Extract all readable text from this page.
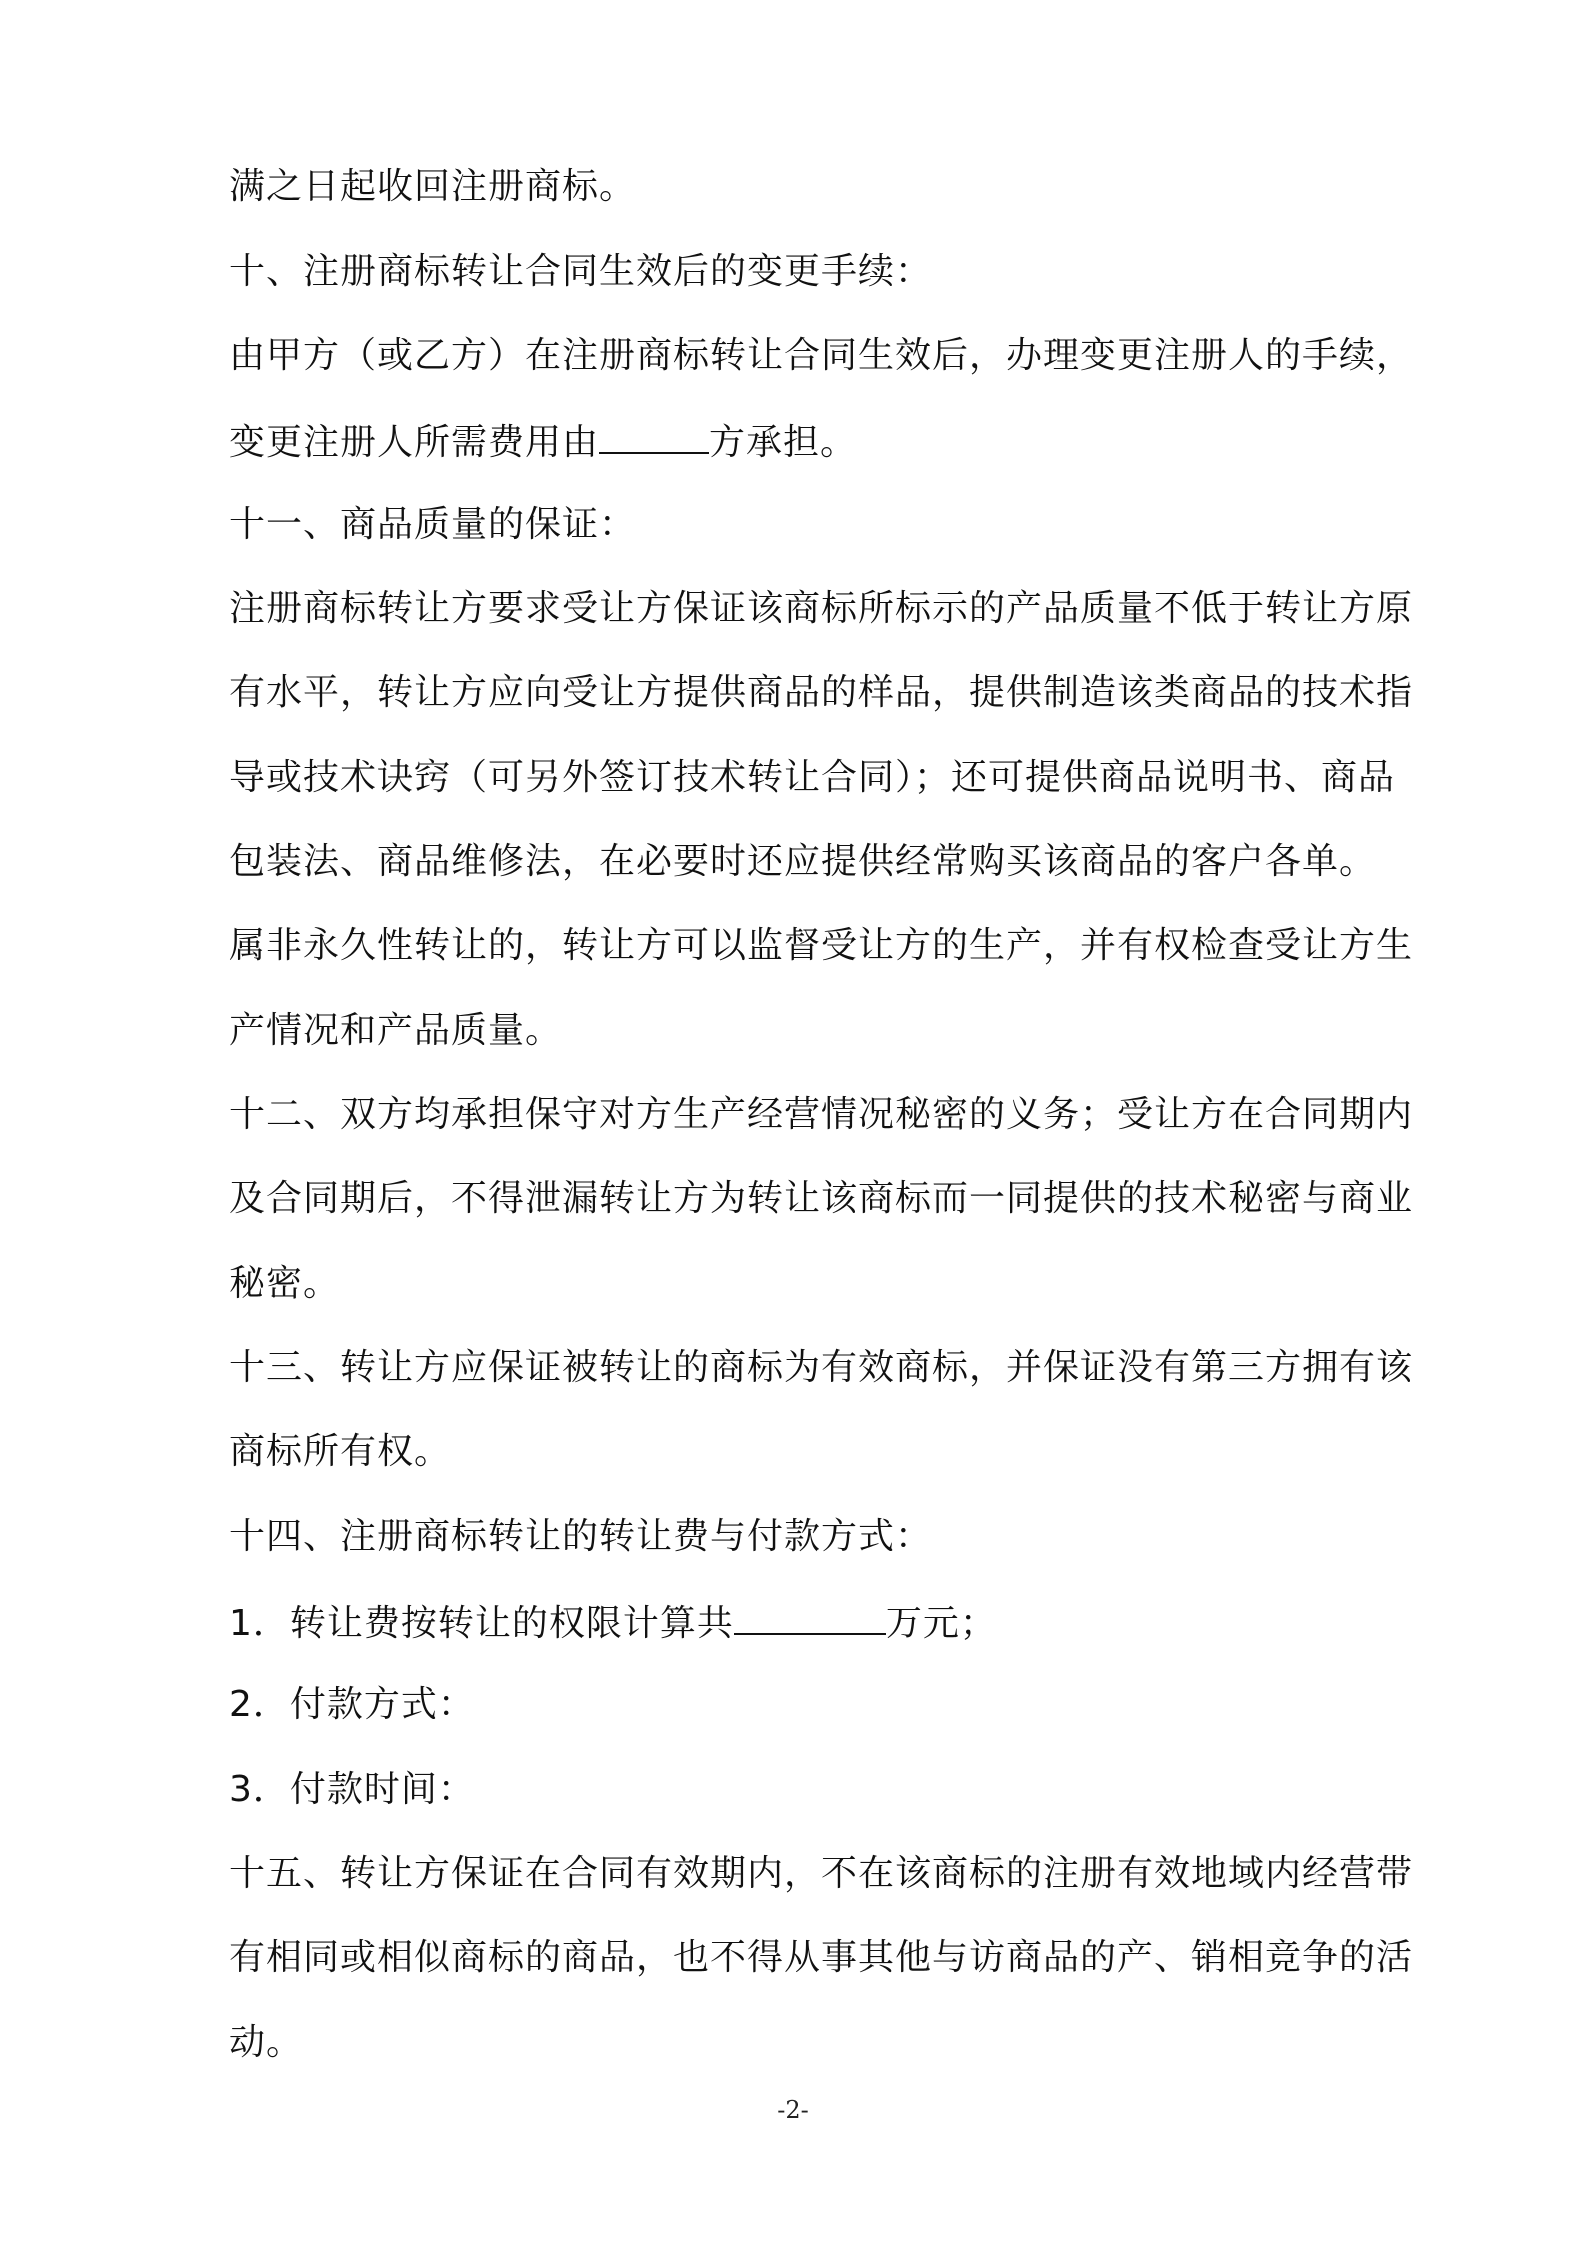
满之日起收回注册商标。
十、注册商标转让合同生效后的变更手续：
由甲方（或乙方）在注册商标转让合同生效后，办理变更注册人的手续，
变更注册人所需费用由	方承担。
十一、商品质量的保证：
注册商标转让方要求受让方保证该商标所标示的产品质量不低于转让方原
有水平，转让方应向受让方提供商品的样品，提供制造该类商品的技术指
导或技术诀窍（可另外签订技术转让合同）；还可提供商品说明书、商品
包装法、商品维修法，在必要时还应提供经常购买该商品的客户各单。
属非永久性转让的，转让方可以监督受让方的生产，并有权检查受让方生
产情况和产品质量。
十二、双方均承担保守对方生产经营情况秘密的义务；受让方在合同期内
及合同期后，不得泄漏转让方为转让该商标而一同提供的技术秘密与商业
秘密。
十三、转让方应保证被转让的商标为有效商标，并保证没有第三方拥有该
商标所有权。
十四、注册商标转让的转让费与付款方式：
1．转让费按转让的权限计算共	万元；
2．付款方式：
3．付款时间：
十五、转让方保证在合同有效期内，不在该商标的注册有效地域内经营带
有相同或相似商标的商品，也不得从事其他与访商品的产、销相竞争的活
动。
-2-
